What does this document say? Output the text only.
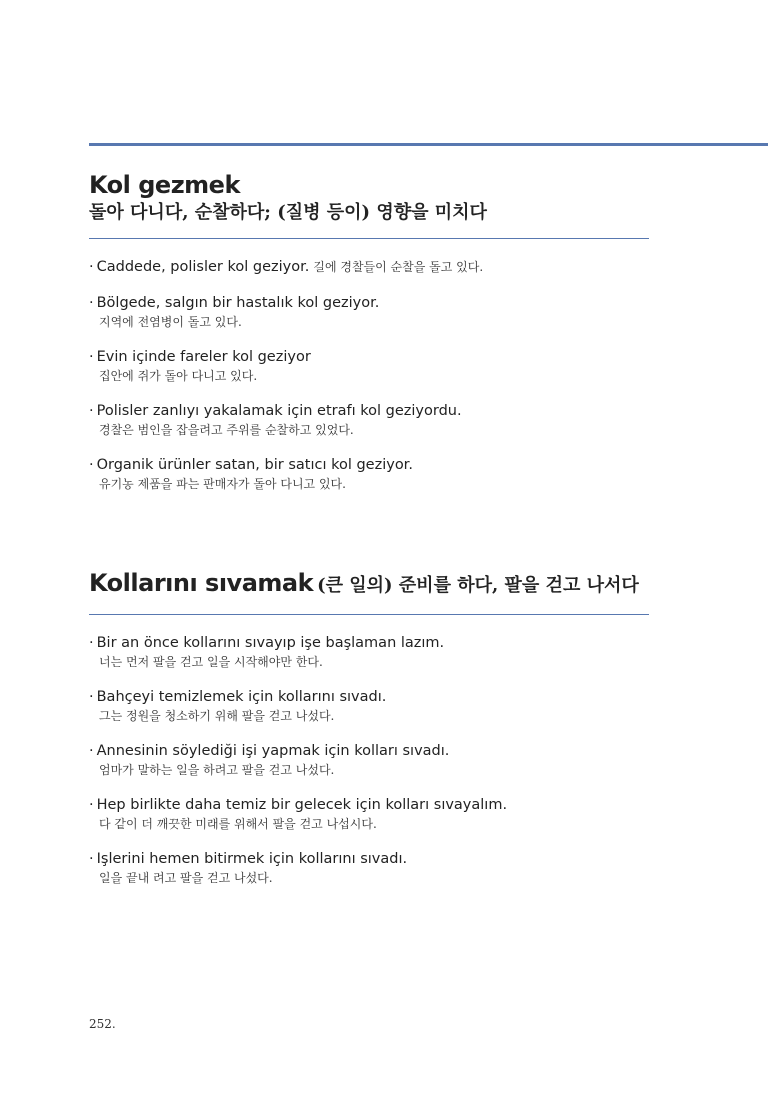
Kol gezmek
돌아 다니다, 순찰하다; (질병 등이) 영향을 미치다
· Caddede, polisler kol geziyor. 길에 경찰들이 순찰을 돌고 있다.
· Bölgede, salgın bir hastalık kol geziyor.
지역에 전염병이 돌고 있다.
· Evin içinde fareler kol geziyor
집안에 쥐가 돌아 다니고 있다.
· Polisler zanlıyı yakalamak için etrafı kol geziyordu.
경찰은 범인을 잡을려고 주위를 순찰하고 있었다.
· Organik ürünler satan, bir satıcı kol geziyor.
유기농 제품을 파는 판매자가 돌아 다니고 있다.
Kollarını sıvamak (큰 일의) 준비를 하다, 팔을 걷고 나서다
· Bir an önce kollarını sıvayıp işe başlaman lazım.
너는 먼저 팔을 걷고 일을 시작해야만 한다.
· Bahçeyi temizlemek için kollarını sıvadı.
그는 정원을 청소하기 위해 팔을 걷고 나섰다.
· Annesinin söylediği işi yapmak için kolları sıvadı.
엄마가 말하는 일을 하려고 팔을 걷고 나섰다.
· Hep birlikte daha temiz bir gelecek için kolları sıvayalım.
다 같이 더 깨끗한 미래를 위해서 팔을 걷고 나섭시다.
· Işlerini hemen bitirmek için kollarını sıvadı.
일을 끝내 려고 팔을 걷고 나섰다.
252.
